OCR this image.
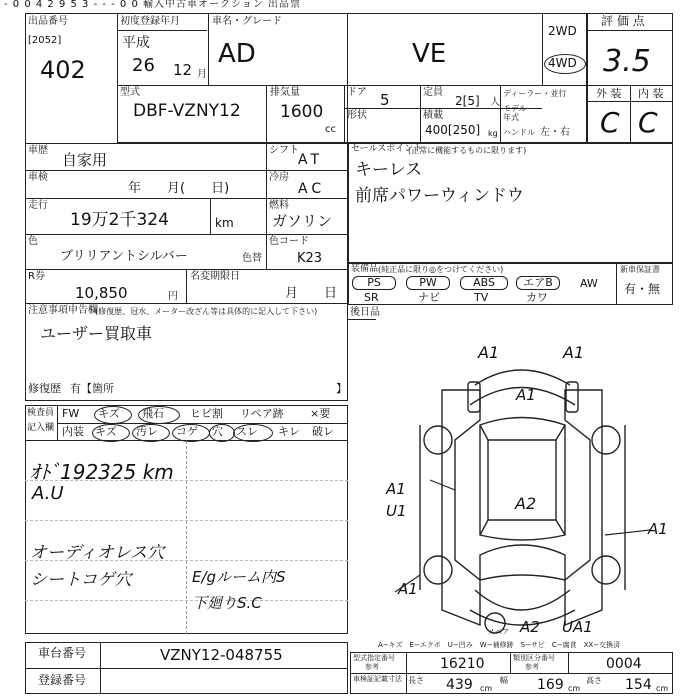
- 0 0 4 2 9 5 3 - - - 0 0 輸入中古車オークション 出品票
出品番号
[2052]
402
初度登録年月
平成
26 12 月
車名・グレード
AD	VE
2WD
4WD
評 価 点
3.5
外 装 内 装
C C
型式
DBF-VZNY12
排気量
1600
cc
ドア 5
形状
定員
2[5] 人
積載
400[250] kg
ディーラー・並行
モデル年式
ハンドル 左・右
車歴
自家用
シフト
AT
車検
年　　月(　　日)
冷房
AC
走行
19万2千324	km
燃料
ガソリン
色
ブリリアントシルバー	色替
色コード
K23
R券
10,850	円
名変期限日
月　　日
注意事項申告欄
(修復歴、冠水、メーター改ざん等は具体的に記入して下さい)
ユーザー買取車
修復歴 有【箇所	】
セールスポイント
(正常に機能するものに限ります)
キーレス
前席パワーウィンドウ
装備品 (純正品に限り◎をつけてください)	新車保証書
有・無
PS	PW	ABS	エアB	AW
SR	ナビ	TV	カワ
後日品
検査員
記入欄
FW キズ 飛石 ヒビ割 リペア跡 ×要
内装 キズ 汚レ コゲ 穴 スレ キレ 破レ
ｵﾄﾞ192325 km
A.U
オーディオレス穴
シートコゲ穴	E/gルーム内S
下廻りS.C
A1	A1
A1
A1
U1	A2
A1
A1
A2 UA1
スペア
A−キズ　E−エクボ　U−凹み　W−補修跡　S−サビ　C−腐食　XX−交換済
車台番号	VZNY12-048755
登録番号
型式指定番号
参考	16210	類別区分番号
参考	0004
車検証記載寸法 長さ 439 cm
幅 169 cm
高さ 154 cm
